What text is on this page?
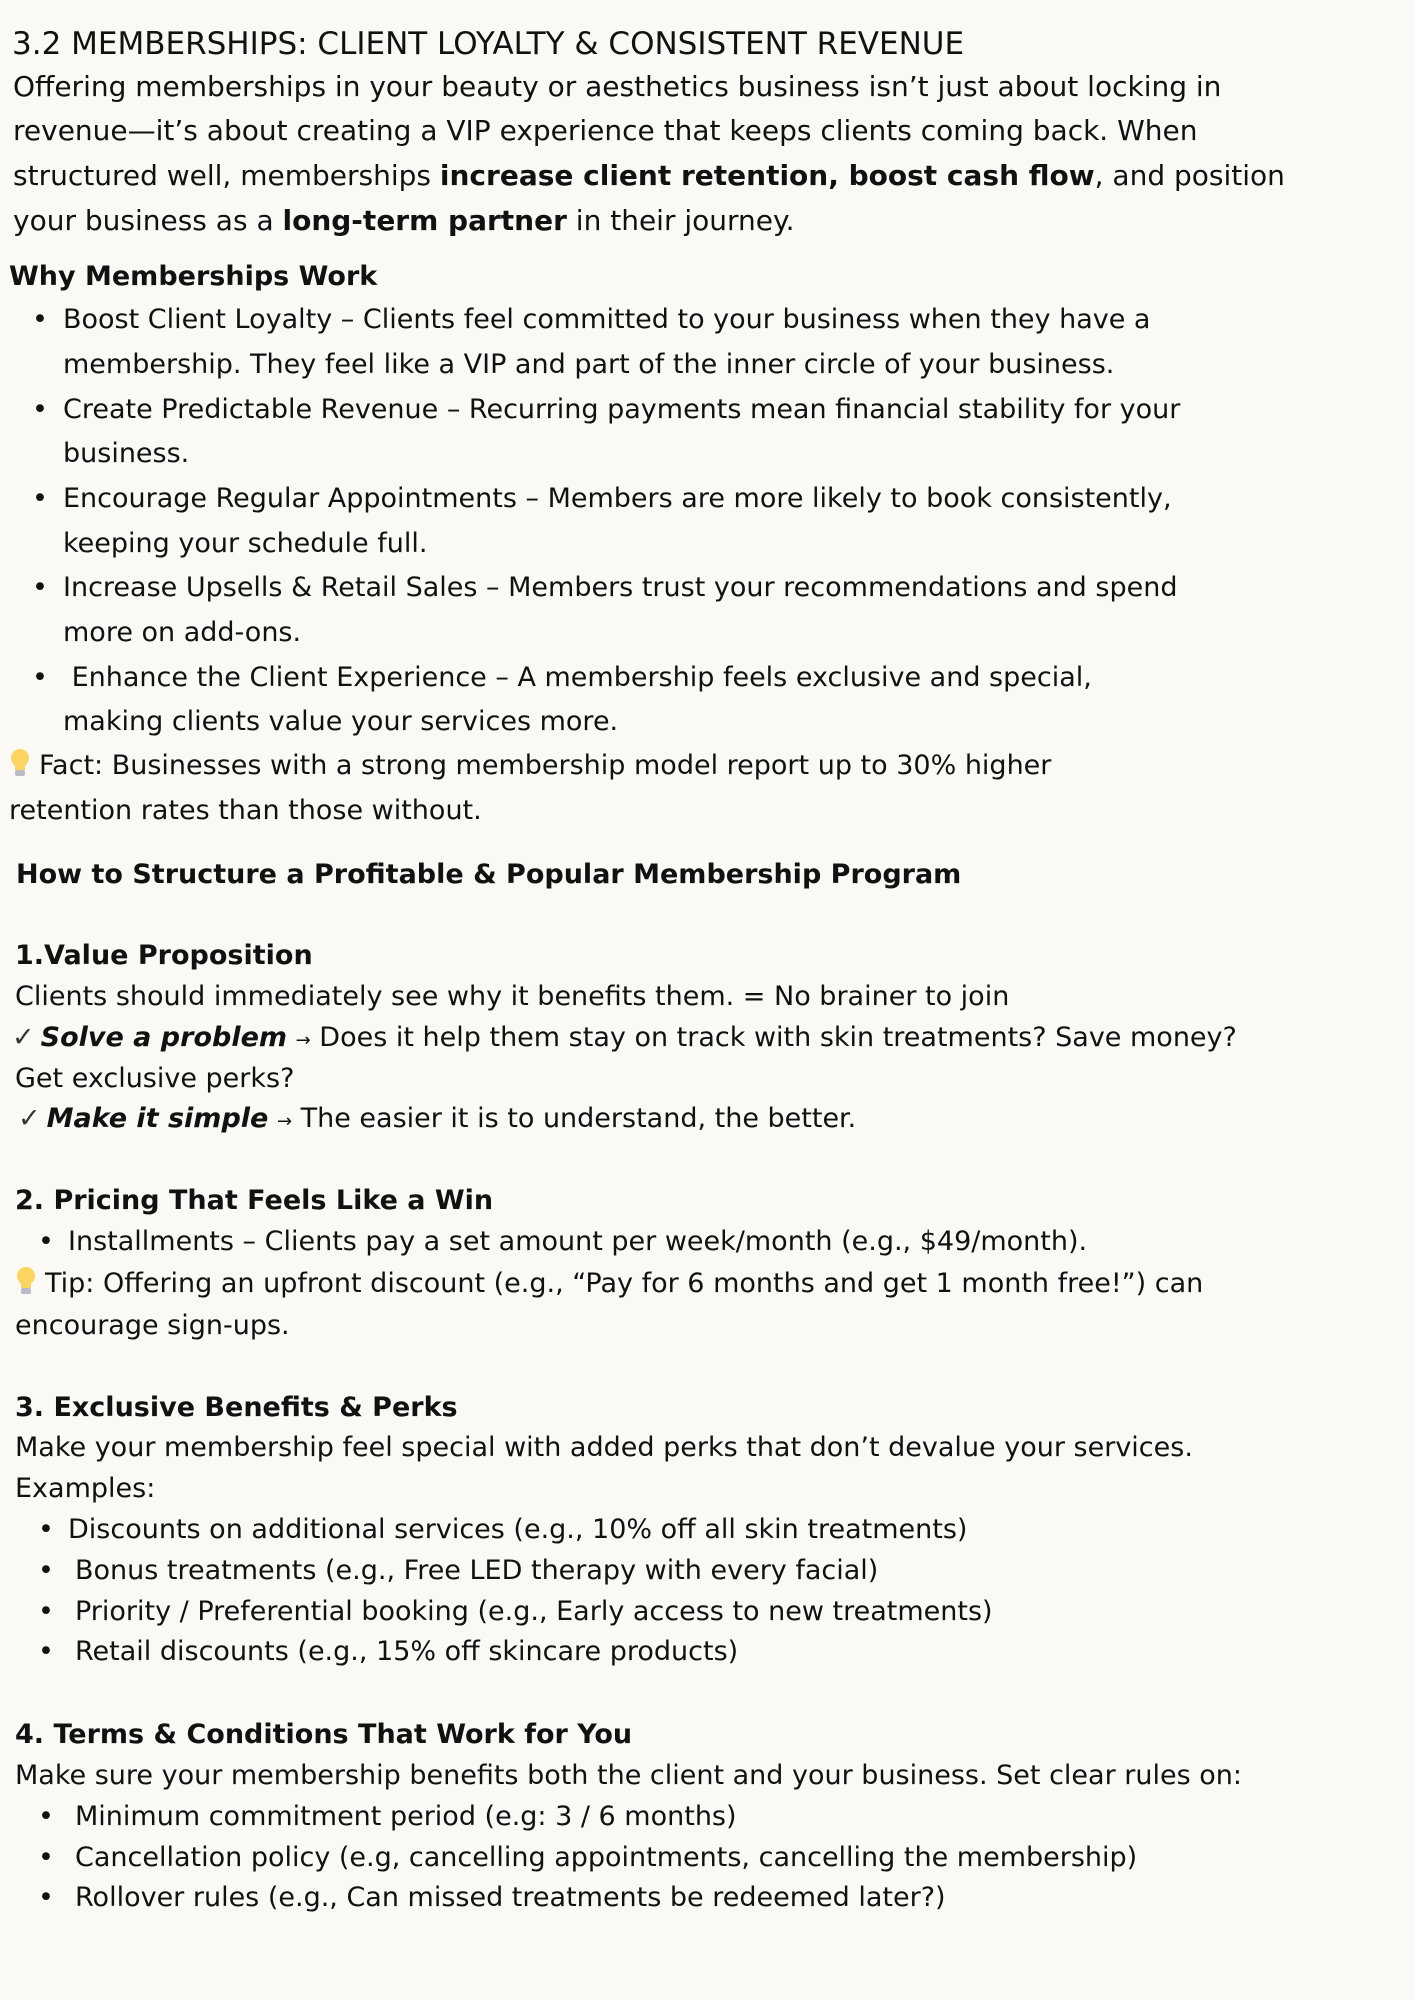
3.2 MEMBERSHIPS: CLIENT LOYALTY & CONSISTENT REVENUE
Offering memberships in your beauty or aesthetics business isn’t just about locking in
revenue—it’s about creating a VIP experience that keeps clients coming back. When
structured well, memberships increase client retention, boost cash flow, and position
your business as a long-term partner in their journey.
Why Memberships Work
• Boost Client Loyalty – Clients feel committed to your business when they have a
membership. They feel like a VIP and part of the inner circle of your business.
• Create Predictable Revenue – Recurring payments mean financial stability for your
business.
• Encourage Regular Appointments – Members are more likely to book consistently,
keeping your schedule full.
• Increase Upsells & Retail Sales – Members trust your recommendations and spend
more on add-ons.
• Enhance the Client Experience – A membership feels exclusive and special,
making clients value your services more.
Fact: Businesses with a strong membership model report up to 30% higher
retention rates than those without.
How to Structure a Profitable & Popular Membership Program
1.Value Proposition
Clients should immediately see why it benefits them. = No brainer to join
✓ Solve a problem → Does it help them stay on track with skin treatments? Save money?
Get exclusive perks?
✓ Make it simple → The easier it is to understand, the better.
2. Pricing That Feels Like a Win
• Installments – Clients pay a set amount per week/month (e.g., $49/month).
Tip: Offering an upfront discount (e.g., “Pay for 6 months and get 1 month free!”) can
encourage sign-ups.
3. Exclusive Benefits & Perks
Make your membership feel special with added perks that don’t devalue your services.
Examples:
• Discounts on additional services (e.g., 10% off all skin treatments)
• Bonus treatments (e.g., Free LED therapy with every facial)
• Priority / Preferential booking (e.g., Early access to new treatments)
• Retail discounts (e.g., 15% off skincare products)
4. Terms & Conditions That Work for You
Make sure your membership benefits both the client and your business. Set clear rules on:
• Minimum commitment period (e.g: 3 / 6 months)
• Cancellation policy (e.g, cancelling appointments, cancelling the membership)
• Rollover rules (e.g., Can missed treatments be redeemed later?)
